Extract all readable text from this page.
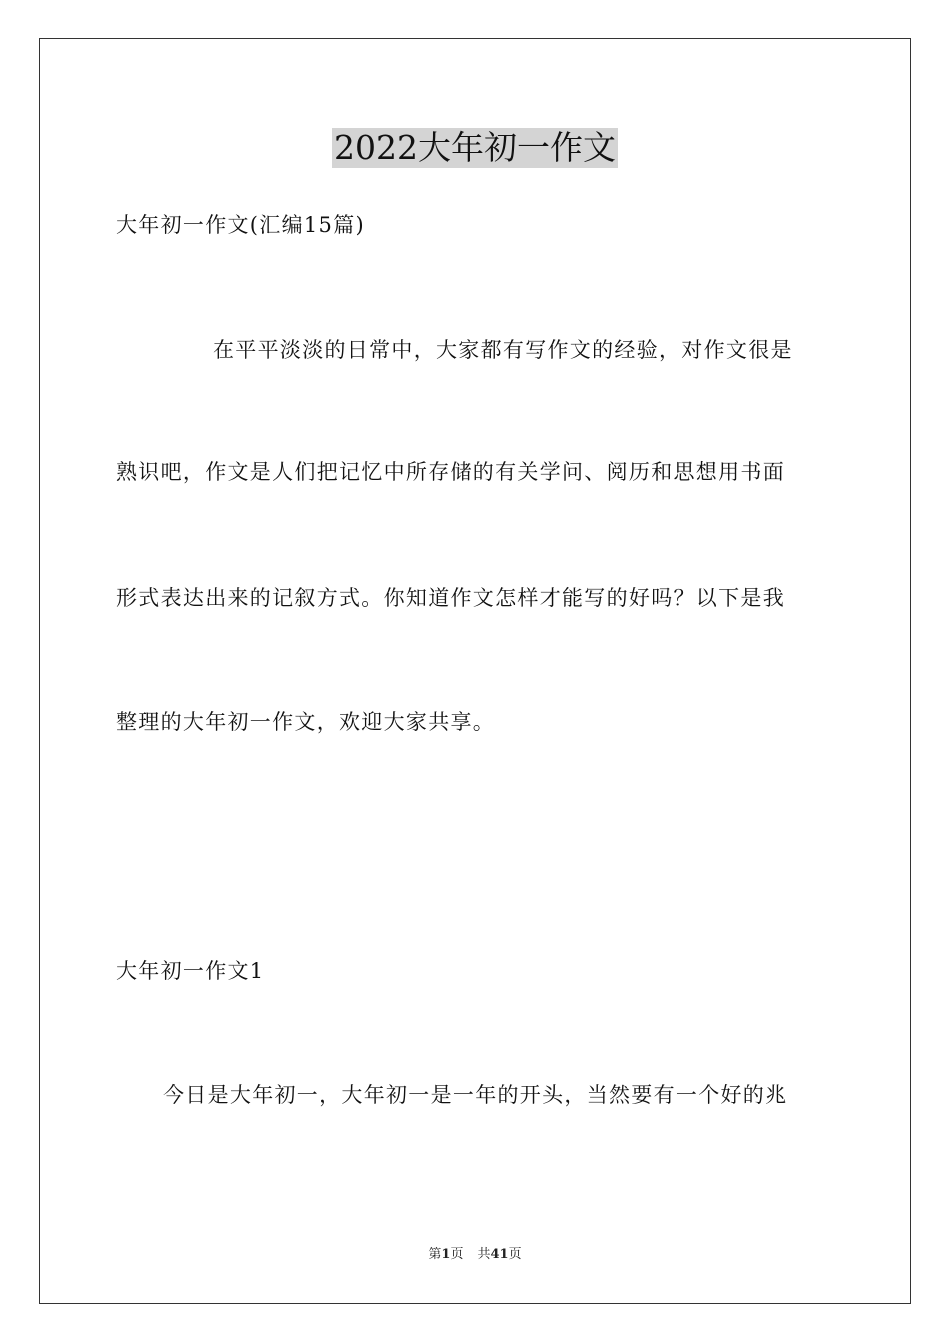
2022大年初一作文
大年初一作文(汇编15篇)
在平平淡淡的日常中，大家都有写作文的经验，对作文很是
熟识吧，作文是人们把记忆中所存储的有关学问、阅历和思想用书面
形式表达出来的记叙方式。你知道作文怎样才能写的好吗？以下是我
整理的大年初一作文，欢迎大家共享。
大年初一作文1
今日是大年初一，大年初一是一年的开头，当然要有一个好的兆
第1页 共41页
